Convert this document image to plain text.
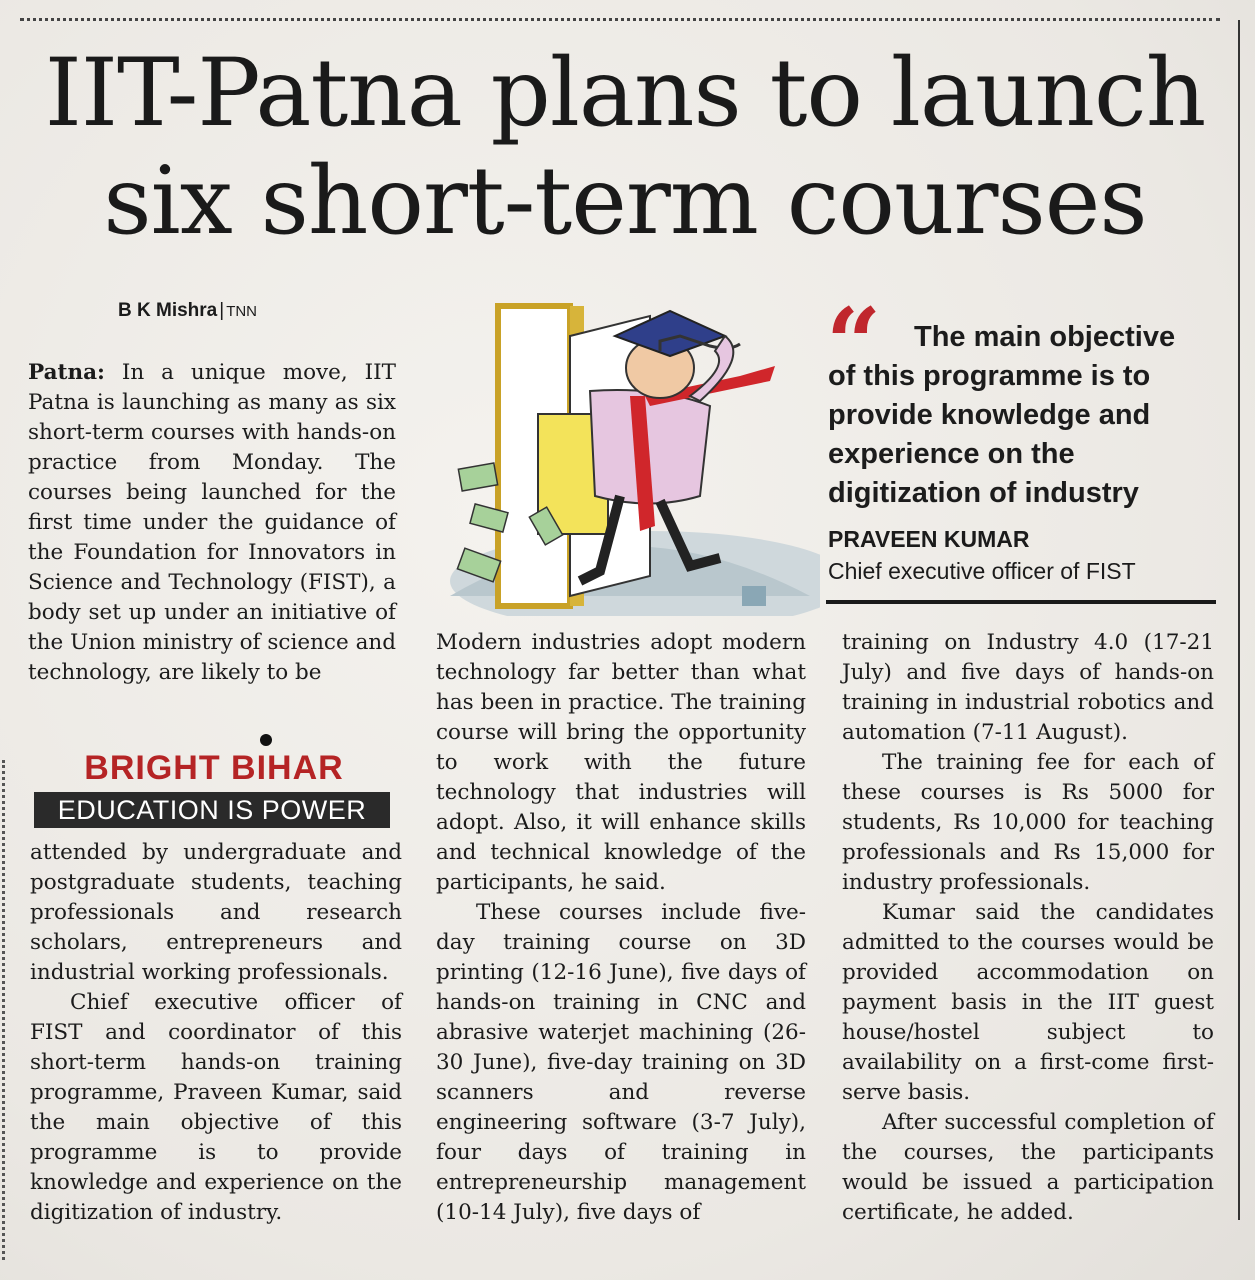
IIT-Patna plans to launch
six short-term courses
B K Mishra | TNN

Patna: In a unique move, IIT Patna is launching as many as six short-term courses with hands-on practice from Monday. The courses being launched for the first time under the guidance of the Foundation for Innovators in Science and Technology (FIST), a body set up under an initiative of the Union ministry of science and technology, are likely to be

BRIGHT BIHAR
EDUCATION IS POWER

attended by undergraduate and postgraduate students, teaching professionals and research scholars, entrepreneurs and industrial working professionals.

Chief executive officer of FIST and coordinator of this short-term hands-on training programme, Praveen Kumar, said the main objective of this programme is to provide knowledge and experience on the digitization of industry.

“	The main objective of this programme is to provide knowledge and experience on the digitization of industry
PRAVEEN KUMAR
Chief executive officer of FIST

Modern industries adopt modern technology far better than what has been in practice. The training course will bring the opportunity to work with the future technology that industries will adopt. Also, it will enhance skills and technical knowledge of the participants, he said.

These courses include five-day training course on 3D printing (12-16 June), five days of hands-on training in CNC and abrasive waterjet machining (26-30 June), five-day training on 3D scanners and reverse engineering software (3-7 July), four days of training in entrepreneurship management (10-14 July), five days of

training on Industry 4.0 (17-21 July) and five days of hands-on training in industrial robotics and automation (7-11 August).

The training fee for each of these courses is Rs 5000 for students, Rs 10,000 for teaching professionals and Rs 15,000 for industry professionals.

Kumar said the candidates admitted to the courses would be provided accommodation on payment basis in the IIT guest house/hostel subject to availability on a first-come first-serve basis.

After successful completion of the courses, the participants would be issued a participation certificate, he added.
